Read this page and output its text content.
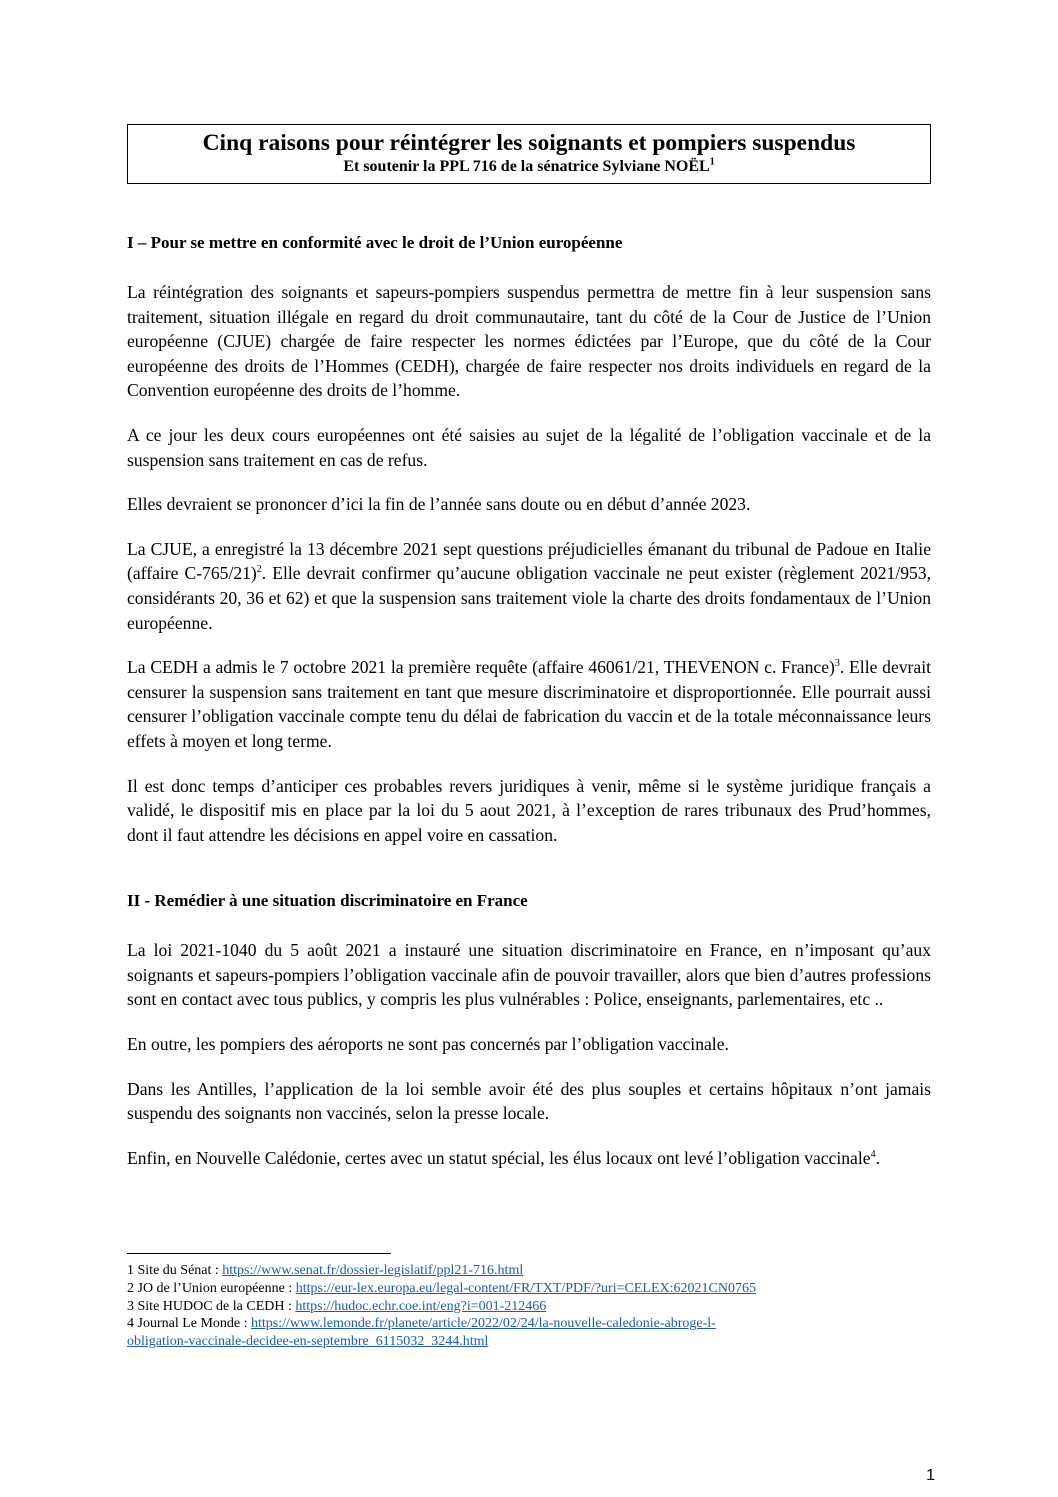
Cinq raisons pour réintégrer les soignants et pompiers suspendus
Et soutenir la PPL 716 de la sénatrice Sylviane NOËL$^1$
I – Pour se mettre en conformité avec le droit de l’Union européenne

La réintégration des soignants et sapeurs-pompiers suspendus permettra de mettre fin à leur suspension sans traitement, situation illégale en regard du droit communautaire, tant du côté de la Cour de Justice de l’Union européenne (CJUE) chargée de faire respecter les normes édictées par l’Europe, que du côté de la Cour européenne des droits de l’Hommes (CEDH), chargée de faire respecter nos droits individuels en regard de la Convention européenne des droits de l’homme.

A ce jour les deux cours européennes ont été saisies au sujet de la légalité de l’obligation vaccinale et de la suspension sans traitement en cas de refus.

Elles devraient se prononcer d’ici la fin de l’année sans doute ou en début d’année 2023.

La CJUE, a enregistré la 13 décembre 2021 sept questions préjudicielles émanant du tribunal de Padoue en Italie (affaire C-765/21)$^2$. Elle devrait confirmer qu’aucune obligation vaccinale ne peut exister (règlement 2021/953, considérants 20, 36 et 62) et que la suspension sans traitement viole la charte des droits fondamentaux de l’Union européenne.

La CEDH a admis le 7 octobre 2021 la première requête (affaire 46061/21, THEVENON c. France)$^3$. Elle devrait censurer la suspension sans traitement en tant que mesure discriminatoire et disproportionnée. Elle pourrait aussi censurer l’obligation vaccinale compte tenu du délai de fabrication du vaccin et de la totale méconnaissance leurs effets à moyen et long terme.

Il est donc temps d’anticiper ces probables revers juridiques à venir, même si le système juridique français a validé, le dispositif mis en place par la loi du 5 aout 2021, à l’exception de rares tribunaux des Prud’hommes, dont il faut attendre les décisions en appel voire en cassation.

II - Remédier à une situation discriminatoire en France

La loi 2021-1040 du 5 août 2021 a instauré une situation discriminatoire en France, en n’imposant qu’aux soignants et sapeurs-pompiers l’obligation vaccinale afin de pouvoir travailler, alors que bien d’autres professions sont en contact avec tous publics, y compris les plus vulnérables : Police, enseignants, parlementaires, etc ..

En outre, les pompiers des aéroports ne sont pas concernés par l’obligation vaccinale.

Dans les Antilles, l’application de la loi semble avoir été des plus souples et certains hôpitaux n’ont jamais suspendu des soignants non vaccinés, selon la presse locale.

Enfin, en Nouvelle Calédonie, certes avec un statut spécial, les élus locaux ont levé l’obligation vaccinale$^4$.

1 Site du Sénat : https://www.senat.fr/dossier-legislatif/ppl21-716.html
2 JO de l’Union européenne : https://eur-lex.europa.eu/legal-content/FR/TXT/PDF/?uri=CELEX:62021CN0765
3 Site HUDOC de la CEDH : https://hudoc.echr.coe.int/eng?i=001-212466
4 Journal Le Monde : https://www.lemonde.fr/planete/article/2022/02/24/la-nouvelle-caledonie-abroge-l-
obligation-vaccinale-decidee-en-septembre_6115032_3244.html
1
